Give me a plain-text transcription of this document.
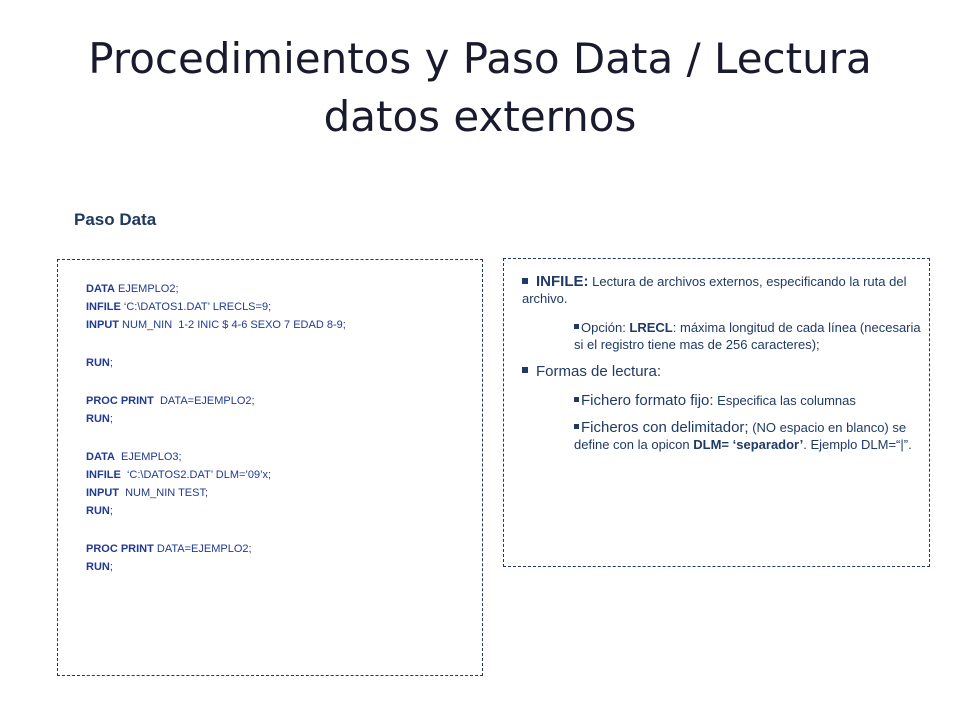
Procedimientos y Paso Data / Lectura datos externos
Paso Data
DATA EJEMPLO2;
INFILE ‘C:\DATOS1.DAT’ LRECLS=9;
INPUT NUM_NIN  1-2 INIC $ 4-6 SEXO 7 EDAD 8-9;
RUN;
PROC PRINT  DATA=EJEMPLO2;
RUN;
DATA  EJEMPLO3;
INFILE  ‘C:\DATOS2.DAT’ DLM=’09’x;
INPUT  NUM_NIN TEST;
RUN;
PROC PRINT DATA=EJEMPLO2;
RUN;
INFILE: Lectura de archivos externos, especificando la ruta del archivo.
Opción: LRECL: máxima longitud de cada línea (necesaria si el registro tiene mas de 256 caracteres);
Formas de lectura:
Fichero formato fijo: Especifica las columnas
Ficheros con delimitador; (NO espacio en blanco) se define con la opicon DLM= ‘separador’. Ejemplo DLM=“|”.
